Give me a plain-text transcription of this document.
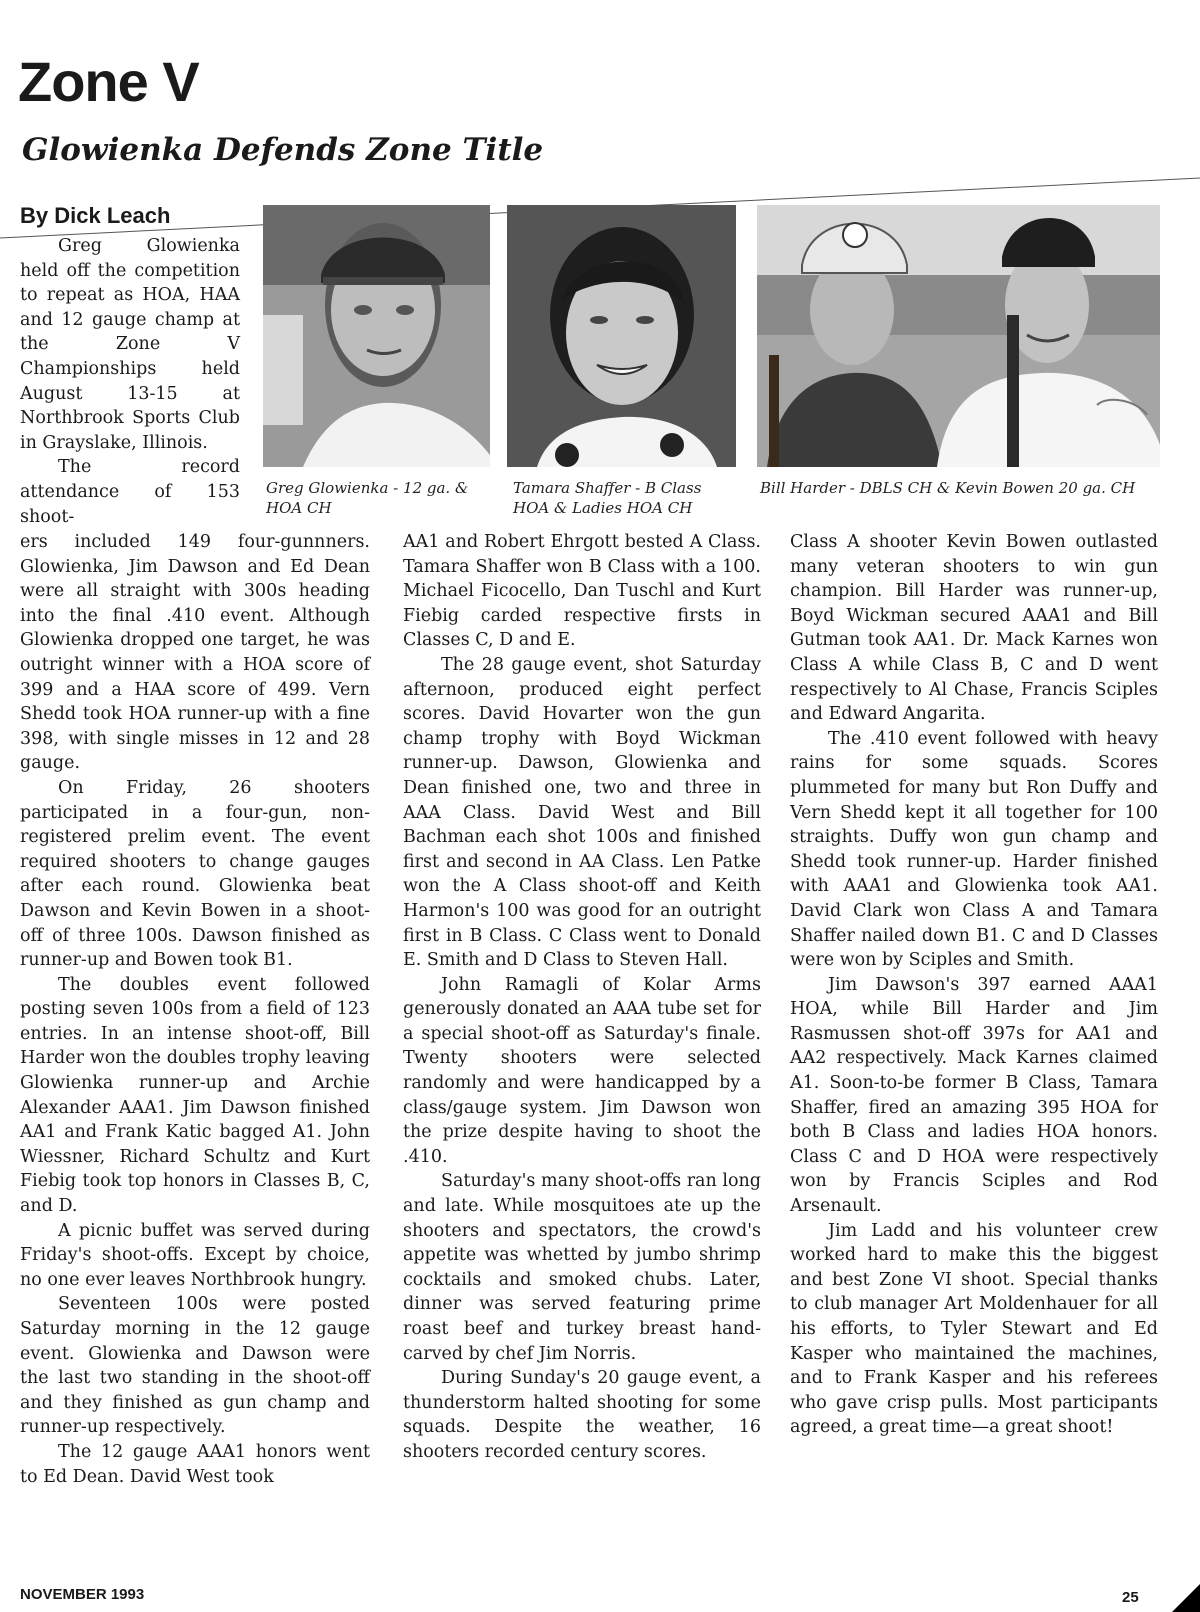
Zone V
Glowienka Defends Zone Title
By Dick Leach
Greg Glowienka - 12 ga. & HOA CH
Tamara Shaffer - B Class HOA & Ladies HOA CH
Bill Harder - DBLS CH & Kevin Bowen 20 ga. CH

Greg Glowienka held off the competition to repeat as HOA, HAA and 12 gauge champ at the Zone V Championships held August 13-15 at Northbrook Sports Club in Grayslake, Illinois.

The record attendance of 153 shoot-

ers included 149 four-gunnners. Glowienka, Jim Dawson and Ed Dean were all straight with 300s heading into the final .410 event. Although Glowienka dropped one target, he was outright winner with a HOA score of 399 and a HAA score of 499. Vern Shedd took HOA runner-up with a fine 398, with single misses in 12 and 28 gauge.

On Friday, 26 shooters participated in a four-gun, non-registered prelim event. The event required shooters to change gauges after each round. Glowienka beat Dawson and Kevin Bowen in a shoot-off of three 100s. Dawson finished as runner-up and Bowen took B1.

The doubles event followed posting seven 100s from a field of 123 entries. In an intense shoot-off, Bill Harder won the doubles trophy leaving Glowienka runner-up and Archie Alexander AAA1. Jim Dawson finished AA1 and Frank Katic bagged A1. John Wiessner, Richard Schultz and Kurt Fiebig took top honors in Classes B, C, and D.

A picnic buffet was served during Friday's shoot-offs. Except by choice, no one ever leaves Northbrook hungry.

Seventeen 100s were posted Saturday morning in the 12 gauge event. Glowienka and Dawson were the last two standing in the shoot-off and they finished as gun champ and runner-up respectively.

The 12 gauge AAA1 honors went to Ed Dean. David West took

AA1 and Robert Ehrgott bested A Class. Tamara Shaffer won B Class with a 100. Michael Ficocello, Dan Tuschl and Kurt Fiebig carded respective firsts in Classes C, D and E.

The 28 gauge event, shot Saturday afternoon, produced eight perfect scores. David Hovarter won the gun champ trophy with Boyd Wickman runner-up. Dawson, Glowienka and Dean finished one, two and three in AAA Class. David West and Bill Bachman each shot 100s and finished first and second in AA Class. Len Patke won the A Class shoot-off and Keith Harmon's 100 was good for an outright first in B Class. C Class went to Donald E. Smith and D Class to Steven Hall.

John Ramagli of Kolar Arms generously donated an AAA tube set for a special shoot-off as Saturday's finale. Twenty shooters were selected randomly and were handicapped by a class/gauge system. Jim Dawson won the prize despite having to shoot the .410.

Saturday's many shoot-offs ran long and late. While mosquitoes ate up the shooters and spectators, the crowd's appetite was whetted by jumbo shrimp cocktails and smoked chubs. Later, dinner was served featuring prime roast beef and turkey breast hand-carved by chef Jim Norris.

During Sunday's 20 gauge event, a thunderstorm halted shooting for some squads. Despite the weather, 16 shooters recorded century scores.

Class A shooter Kevin Bowen outlasted many veteran shooters to win gun champion. Bill Harder was runner-up, Boyd Wickman secured AAA1 and Bill Gutman took AA1. Dr. Mack Karnes won Class A while Class B, C and D went respectively to Al Chase, Francis Sciples and Edward Angarita.

The .410 event followed with heavy rains for some squads. Scores plummeted for many but Ron Duffy and Vern Shedd kept it all together for 100 straights. Duffy won gun champ and Shedd took runner-up. Harder finished with AAA1 and Glowienka took AA1. David Clark won Class A and Tamara Shaffer nailed down B1. C and D Classes were won by Sciples and Smith.

Jim Dawson's 397 earned AAA1 HOA, while Bill Harder and Jim Rasmussen shot-off 397s for AA1 and AA2 respectively. Mack Karnes claimed A1. Soon-to-be former B Class, Tamara Shaffer, fired an amazing 395 HOA for both B Class and ladies HOA honors. Class C and D HOA were respectively won by Francis Sciples and Rod Arsenault.

Jim Ladd and his volunteer crew worked hard to make this the biggest and best Zone VI shoot. Special thanks to club manager Art Moldenhauer for all his efforts, to Tyler Stewart and Ed Kasper who maintained the machines, and to Frank Kasper and his referees who gave crisp pulls. Most participants agreed, a great time—a great shoot!

NOVEMBER 1993	25
